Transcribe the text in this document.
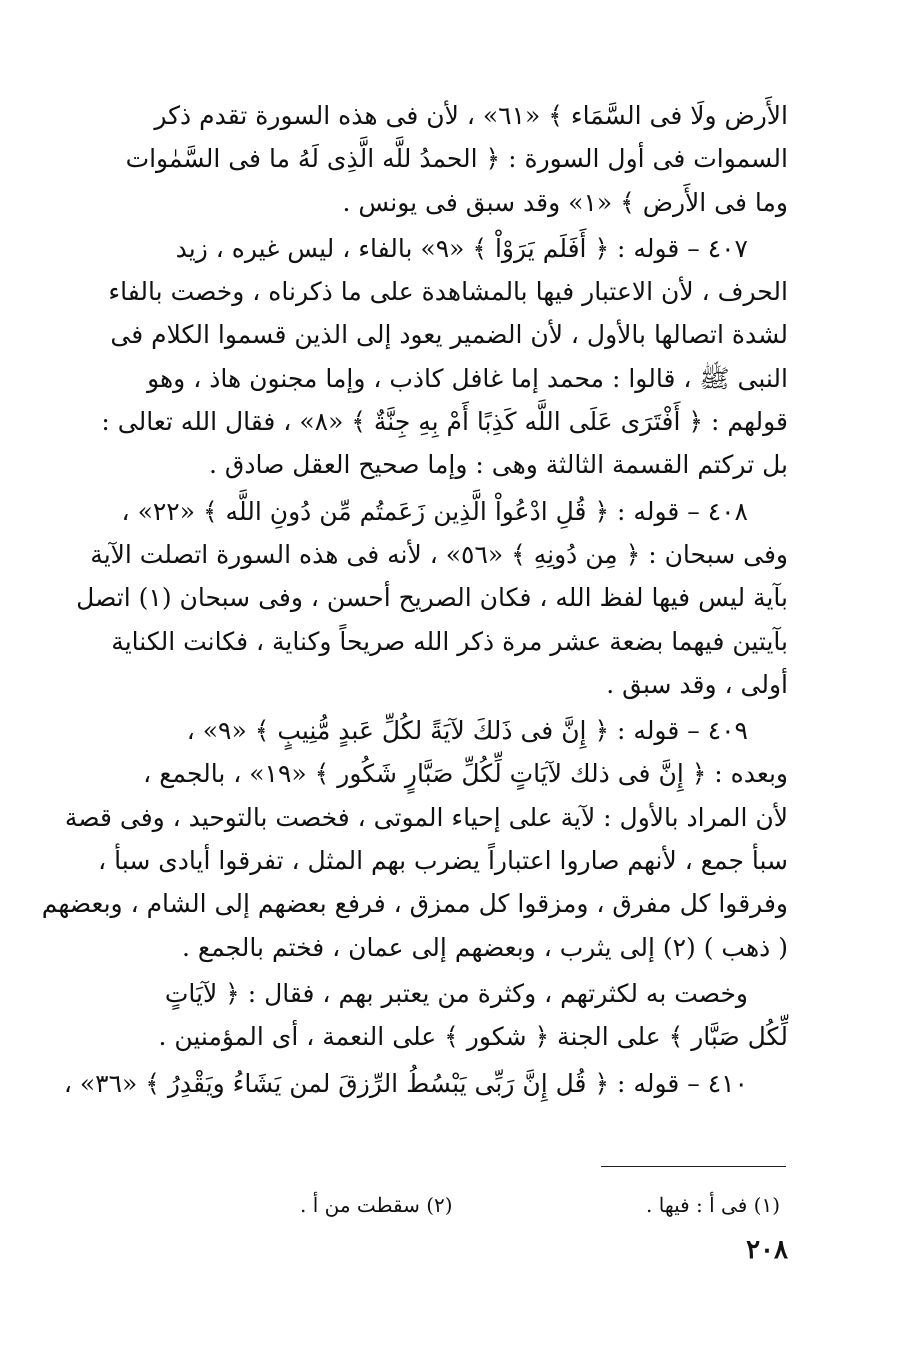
الأَرض ولَا فى السَّمَاء ﴾ «٦١» ، لأن فى هذه السورة تقدم ذكر
السموات فى أول السورة : ﴿ الحمدُ للَّه الَّذِى لَهُ ما فى السَّمٰوات
وما فى الأَرض ﴾ «١» وقد سبق فى يونس .
٤٠٧ – قوله : ﴿ أَفَلَم يَرَوْاْ ﴾ «٩» بالفاء ، ليس غيره ، زيد
الحرف ، لأن الاعتبار فيها بالمشاهدة على ما ذكرناه ، وخصت بالفاء
لشدة اتصالها بالأول ، لأن الضمير يعود إلى الذين قسموا الكلام فى
النبى ﷺ ، قالوا : محمد إما غافل كاذب ، وإما مجنون هاذ ، وهو
قولهم : ﴿ أَفْتَرَى عَلَى اللَّه كَذِبًا أَمْ بِهِ جِنَّةٌ ﴾ «٨» ، فقال الله تعالى :
بل تركتم القسمة الثالثة وهى : وإما صحيح العقل صادق .
٤٠٨ – قوله : ﴿ قُلِ ادْعُواْ الَّذِين زَعَمتُم مِّن دُونِ اللَّه ﴾ «٢٢» ،
وفى سبحان : ﴿ مِن دُونِهِ ﴾ «٥٦» ، لأنه فى هذه السورة اتصلت الآية
بآية ليس فيها لفظ الله ، فكان الصريح أحسن ، وفى سبحان (١) اتصل
بآيتين فيهما بضعة عشر مرة ذكر الله صريحاً وكناية ، فكانت الكناية
أولى ، وقد سبق .
٤٠٩ – قوله : ﴿ إِنَّ فى ذَلكَ لآيَةً لكُلِّ عَبدٍ مُّنِيبٍ ﴾ «٩» ،
وبعده : ﴿ إِنَّ فى ذلك لآيَاتٍ لِّكُلِّ صَبَّارٍ شَكُور ﴾ «١٩» ، بالجمع ،
لأن المراد بالأول : لآية على إحياء الموتى ، فخصت بالتوحيد ، وفى قصة
سبأ جمع ، لأنهم صاروا اعتباراً يضرب بهم المثل ، تفرقوا أيادى سبأ ،
وفرقوا كل مفرق ، ومزقوا كل ممزق ، فرفع بعضهم إلى الشام ، وبعضهم
( ذهب ) (٢) إلى يثرب ، وبعضهم إلى عمان ، فختم بالجمع .
وخصت به لكثرتهم ، وكثرة من يعتبر بهم ، فقال : ﴿ لآيَاتٍ
لِّكُل صَبَّار ﴾ على الجنة ﴿ شكور ﴾ على النعمة ، أى المؤمنين .
٤١٠ – قوله : ﴿ قُل إِنَّ رَبِّى يَبْسُطُ الرِّزقَ لمن يَشَاءُ ويَقْدِرُ ﴾ «٣٦» ،
(١) فى أ : فيها .
(٢) سقطت من أ .
٢٠٨
